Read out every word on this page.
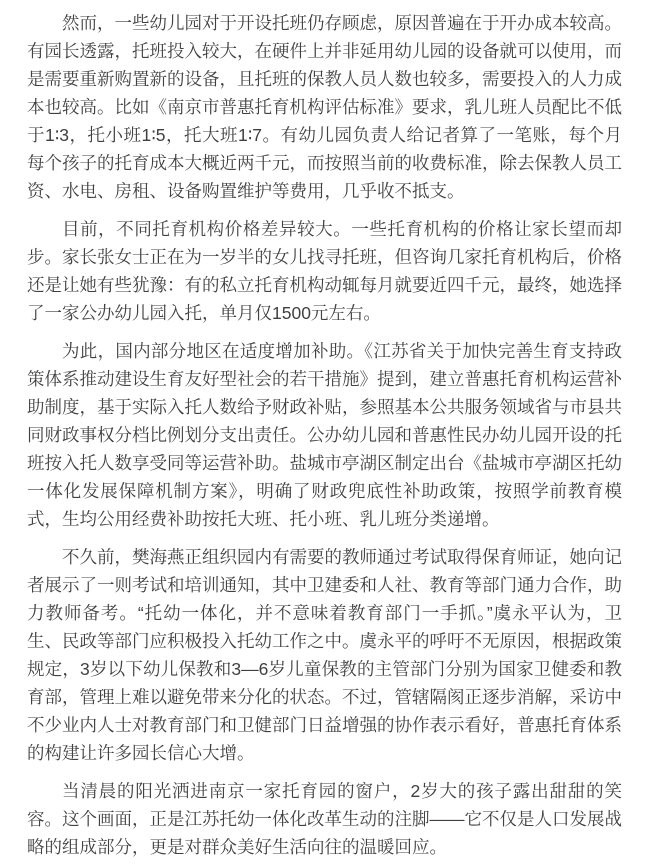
然而，一些幼儿园对于开设托班仍存顾虑，原因普遍在于开办成本较高。有园长透露，托班投入较大，在硬件上并非延用幼儿园的设备就可以使用，而是需要重新购置新的设备，且托班的保教人员人数也较多，需要投入的人力成本也较高。比如《南京市普惠托育机构评估标准》要求，乳儿班人员配比不低于1∶3，托小班1∶5，托大班1∶7。有幼儿园负责人给记者算了一笔账，每个月每个孩子的托育成本大概近两千元，而按照当前的收费标准，除去保教人员工资、水电、房租、设备购置维护等费用，几乎收不抵支。

目前，不同托育机构价格差异较大。一些托育机构的价格让家长望而却步。家长张女士正在为一岁半的女儿找寻托班，但咨询几家托育机构后，价格还是让她有些犹豫：有的私立托育机构动辄每月就要近四千元，最终，她选择了一家公办幼儿园入托，单月仅1500元左右。

为此，国内部分地区在适度增加补助。《江苏省关于加快完善生育支持政策体系推动建设生育友好型社会的若干措施》提到，建立普惠托育机构运营补助制度，基于实际入托人数给予财政补贴，参照基本公共服务领域省与市县共同财政事权分档比例划分支出责任。公办幼儿园和普惠性民办幼儿园开设的托班按入托人数享受同等运营补助。盐城市亭湖区制定出台《盐城市亭湖区托幼一体化发展保障机制方案》，明确了财政兜底性补助政策，按照学前教育模式，生均公用经费补助按托大班、托小班、乳儿班分类递增。

不久前，樊海燕正组织园内有需要的教师通过考试取得保育师证，她向记者展示了一则考试和培训通知，其中卫建委和人社、教育等部门通力合作，助力教师备考。“托幼一体化，并不意味着教育部门一手抓。”虞永平认为，卫生、民政等部门应积极投入托幼工作之中。虞永平的呼吁不无原因，根据政策规定，3岁以下幼儿保教和3—6岁儿童保教的主管部门分别为国家卫健委和教育部，管理上难以避免带来分化的状态。不过，管辖隔阂正逐步消解，采访中不少业内人士对教育部门和卫健部门日益增强的协作表示看好，普惠托育体系的构建让许多园长信心大增。

当清晨的阳光洒进南京一家托育园的窗户，2岁大的孩子露出甜甜的笑容。这个画面，正是江苏托幼一体化改革生动的注脚——它不仅是人口发展战略的组成部分，更是对群众美好生活向往的温暖回应。
